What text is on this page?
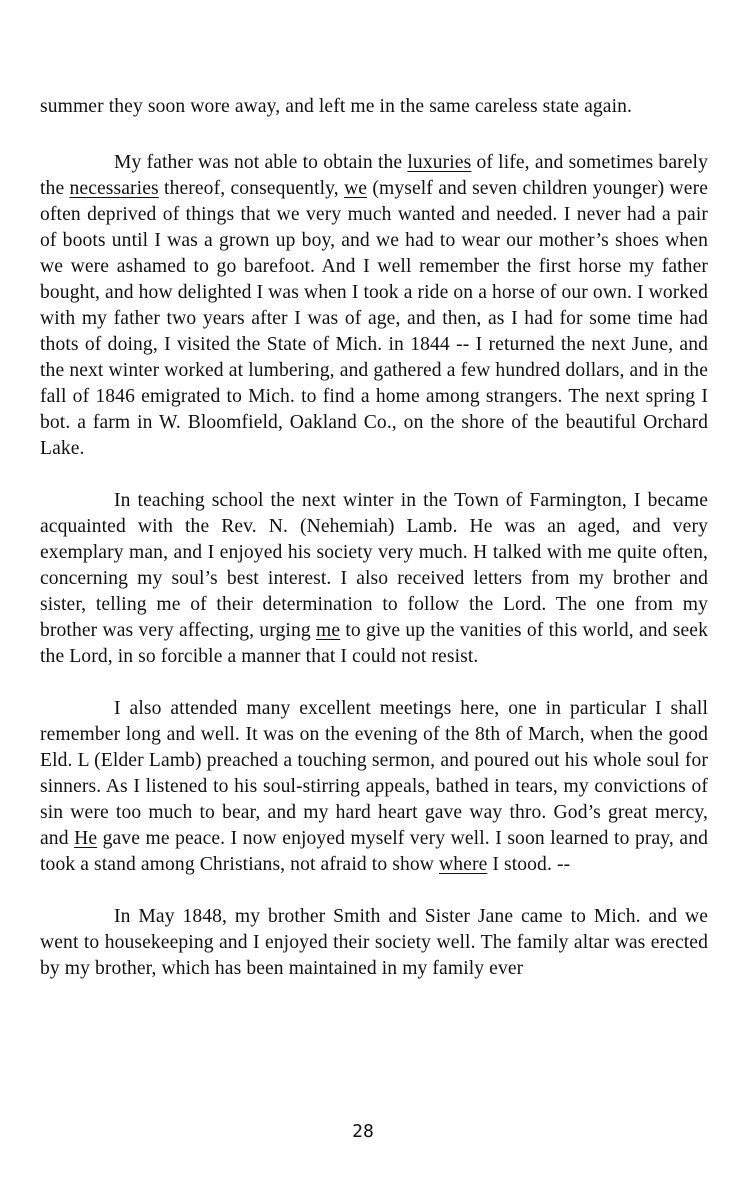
summer they soon wore away, and left me in the same careless state again.

My father was not able to obtain the luxuries of life, and sometimes barely the necessaries thereof, consequently, we (myself and seven children younger) were often deprived of things that we very much wanted and needed. I never had a pair of boots until I was a grown up boy, and we had to wear our mother’s shoes when we were ashamed to go barefoot. And I well remember the first horse my father bought, and how delighted I was when I took a ride on a horse of our own. I worked with my father two years after I was of age, and then, as I had for some time had thots of doing, I visited the State of Mich. in 1844 -- I returned the next June, and the next winter worked at lumbering, and gathered a few hundred dollars, and in the fall of 1846 emigrated to Mich. to find a home among strangers. The next spring I bot. a farm in W. Bloomfield, Oakland Co., on the shore of the beautiful Orchard Lake.

In teaching school the next winter in the Town of Farmington, I became acquainted with the Rev. N. (Nehemiah) Lamb. He was an aged, and very exemplary man, and I enjoyed his society very much. H talked with me quite often, concerning my soul’s best interest. I also received letters from my brother and sister, telling me of their determination to follow the Lord. The one from my brother was very affecting, urging me to give up the vanities of this world, and seek the Lord, in so forcible a manner that I could not resist.

I also attended many excellent meetings here, one in particular I shall remember long and well. It was on the evening of the 8th of March, when the good Eld. L (Elder Lamb) preached a touching sermon, and poured out his whole soul for sinners. As I listened to his soul-stirring appeals, bathed in tears, my convictions of sin were too much to bear, and my hard heart gave way thro. God’s great mercy, and He gave me peace. I now enjoyed myself very well. I soon learned to pray, and took a stand among Christians, not afraid to show where I stood. --

In May 1848, my brother Smith and Sister Jane came to Mich. and we went to housekeeping and I enjoyed their society well. The family altar was erected by my brother, which has been maintained in my family ever

28
